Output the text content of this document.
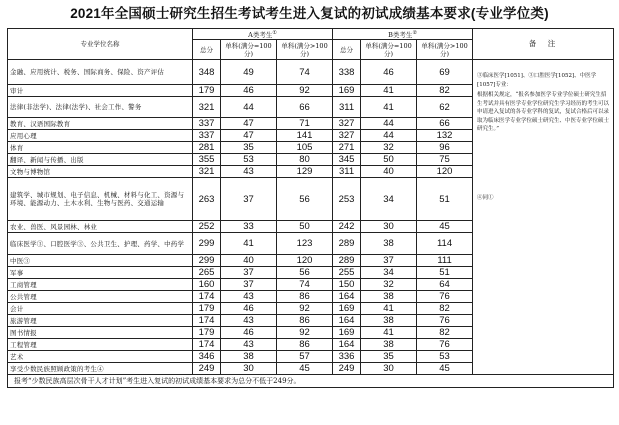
2021年全国硕士研究生招生考试考生进入复试的初试成绩基本要求(专业学位类)
专业学位名称	A类考生①			B类考生②			备　注
	总分	单科(满分=100分)	单科(满分>100分)	总分	单科(满分=100分)	单科(满分>100分)	
金融、应用统计、税务、国际商务、保险、资产评估	348	49	74	338	46	69	③临床医学[1051]、③口腔医学[1052]、中医学[1057]专业：

根据相关规定，“报名参加医学专业学位硕士研究生招生考试并具有医学专业学位研究生学习经历的考生可以申请进入复试的各专业学科的复试，复试合格后可以录取为临床医学专业学位硕士研究生、中医专业学位硕士研究生。”

④同①

审计	179	46	92	169	41	82	
法律(非法学)、法律(法学)、社会工作、警务	321	44	66	311	41	62	
教育、汉语国际教育	337	47	71	327	44	66	
应用心理	337	47	141	327	44	132	
体育	281	35	105	271	32	96	
翻译、新闻与传播、出版	355	53	80	345	50	75	
文物与博物馆	321	43	129	311	40	120	
建筑学、城市规划、电子信息、机械、材料与化工、资源与环境、能源动力、土木水利、生物与医药、交通运输	263	37	56	253	34	51	
农业、兽医、风景园林、林业	252	33	50	242	30	45	
临床医学③、口腔医学③、公共卫生、护理、药学、中药学	299	41	123	289	38	114	
中医③	299	40	120	289	37	111	
军事	265	37	56	255	34	51	
工商管理	160	37	74	150	32	64	
公共管理	174	43	86	164	38	76	
会计	179	46	92	169	41	82	
旅游管理	174	43	86	164	38	76	
图书情报	179	46	92	169	41	82	
工程管理	174	43	86	164	38	76	
艺术	346	38	57	336	35	53	
享受少数民族照顾政策的考生④	249	30	45	249	30	45	
报考“少数民族高层次骨干人才计划”考生进入复试的初试成绩基本要求为总分不低于249分。							
